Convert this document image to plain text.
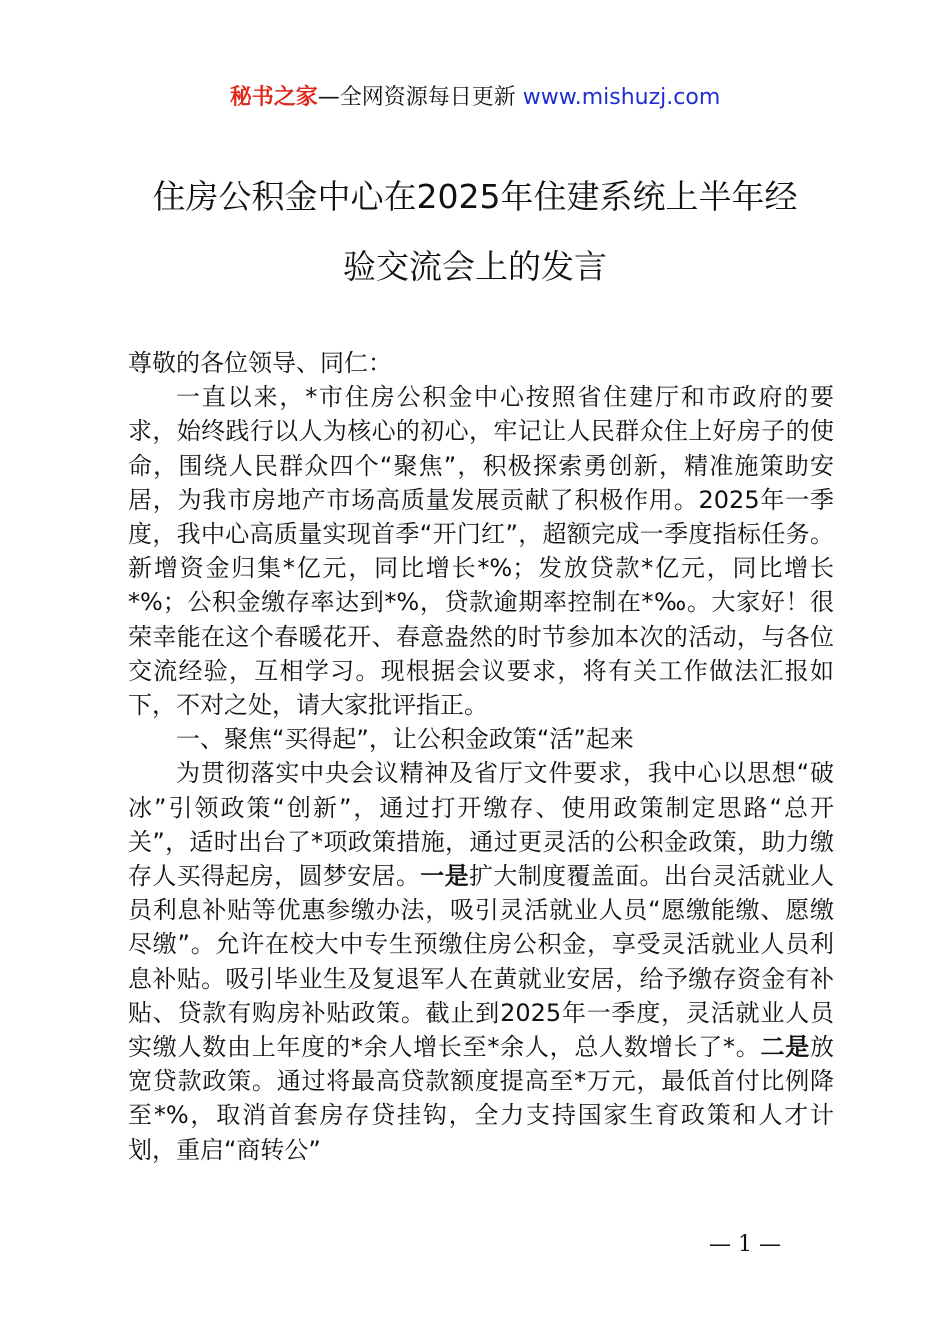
秘书之家—全网资源每日更新 www.mishuzj.com
住房公积金中心在2025年住建系统上半年经
验交流会上的发言

尊敬的各位领导、同仁：

一直以来，*市住房公积金中心按照省住建厅和市政府的要求，始终践行以人为核心的初心，牢记让人民群众住上好房子的使命，围绕人民群众四个“聚焦”，积极探索勇创新，精准施策助安居，为我市房地产市场高质量发展贡献了积极作用。2025年一季度，我中心高质量实现首季“开门红”，超额完成一季度指标任务。新增资金归集*亿元，同比增长*%；发放贷款*亿元，同比增长*%；公积金缴存率达到*%，贷款逾期率控制在*‰。大家好！很荣幸能在这个春暖花开、春意盎然的时节参加本次的活动，与各位交流经验，互相学习。现根据会议要求，将有关工作做法汇报如下，不对之处，请大家批评指正。

一、聚焦“买得起”，让公积金政策“活”起来

为贯彻落实中央会议精神及省厅文件要求，我中心以思想“破冰”引领政策“创新”，通过打开缴存、使用政策制定思路“总开关”，适时出台了*项政策措施，通过更灵活的公积金政策，助力缴存人买得起房，圆梦安居。一是扩大制度覆盖面。出台灵活就业人员利息补贴等优惠参缴办法，吸引灵活就业人员“愿缴能缴、愿缴尽缴”。允许在校大中专生预缴住房公积金，享受灵活就业人员利息补贴。吸引毕业生及复退军人在黄就业安居，给予缴存资金有补贴、贷款有购房补贴政策。截止到2025年一季度，灵活就业人员实缴人数由上年度的*余人增长至*余人，总人数增长了*。二是放宽贷款政策。通过将最高贷款额度提高至*万元，最低首付比例降至*%，取消首套房存贷挂钩，全力支持国家生育政策和人才计划，重启“商转公”

— 1 —
